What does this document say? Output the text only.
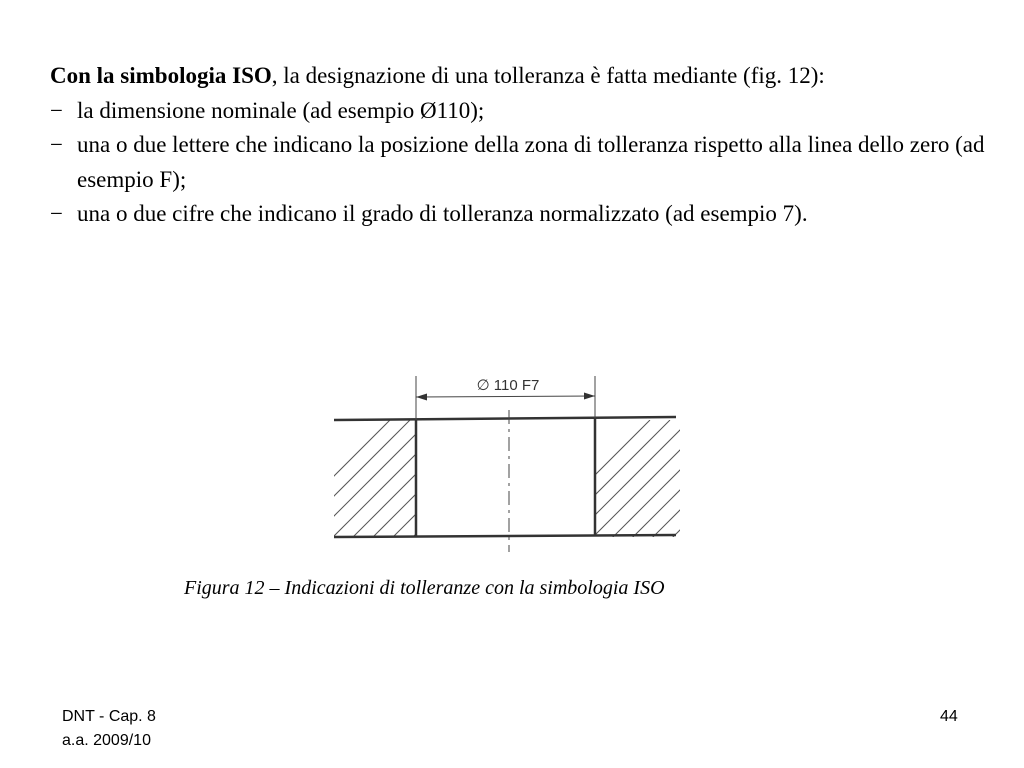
Con la simbologia ISO, la designazione di una tolleranza è fatta mediante (fig. 12):

− la dimensione nominale (ad esempio Ø110);
− una o due lettere che indicano la posizione della zona di tolleranza rispetto alla linea dello zero (ad esempio F);
− una o due cifre che indicano il grado di tolleranza normalizzato (ad esempio 7).
∅ 110 F7
Figura 12 – Indicazioni di tolleranze con la simbologia ISO
DNT - Cap. 8
a.a. 2009/10
44
